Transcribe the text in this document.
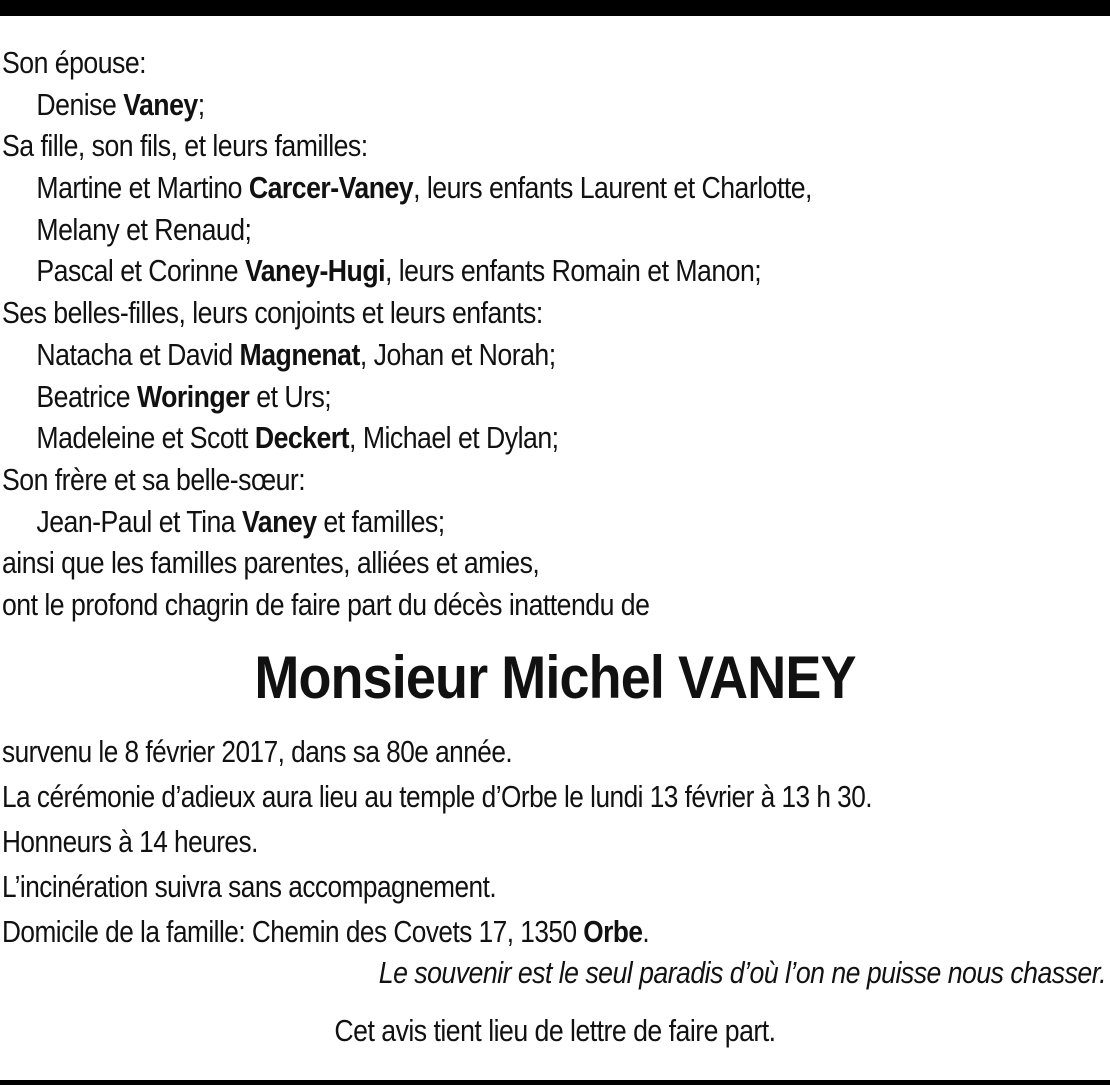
Son épouse:
Denise Vaney;
Sa fille, son fils, et leurs familles:
Martine et Martino Carcer-Vaney, leurs enfants Laurent et Charlotte,
Melany et Renaud;
Pascal et Corinne Vaney-Hugi, leurs enfants Romain et Manon;
Ses belles-filles, leurs conjoints et leurs enfants:
Natacha et David Magnenat, Johan et Norah;
Beatrice Woringer et Urs;
Madeleine et Scott Deckert, Michael et Dylan;
Son frère et sa belle-sœur:
Jean-Paul et Tina Vaney et familles;
ainsi que les familles parentes, alliées et amies,
ont le profond chagrin de faire part du décès inattendu de
Monsieur Michel VANEY
survenu le 8 février 2017, dans sa 80e année.
La cérémonie d’adieux aura lieu au temple d’Orbe le lundi 13 février à 13 h 30.
Honneurs à 14 heures.
L’incinération suivra sans accompagnement.
Domicile de la famille: Chemin des Covets 17, 1350 Orbe.
Le souvenir est le seul paradis d’où l’on ne puisse nous chasser.
Cet avis tient lieu de lettre de faire part.
